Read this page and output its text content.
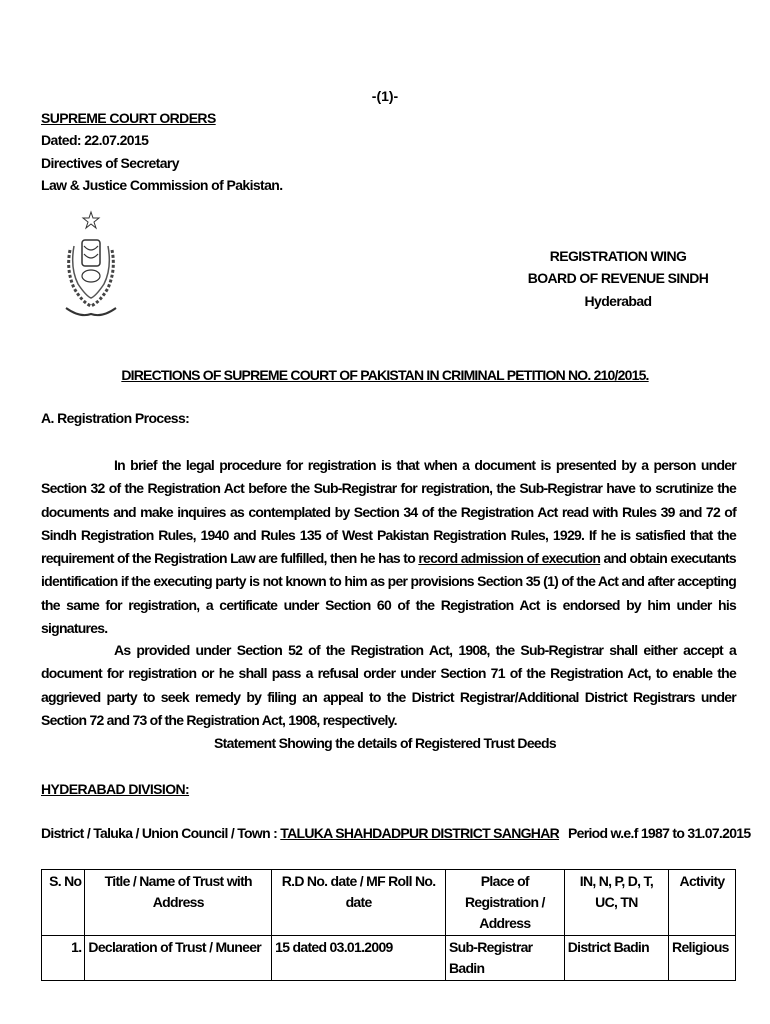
-(1)-
SUPREME COURT ORDERS
Dated: 22.07.2015
Directives of Secretary
Law & Justice Commission of Pakistan.
REGISTRATION WING
BOARD OF REVENUE SINDH
Hyderabad
DIRECTIONS OF SUPREME COURT OF PAKISTAN IN CRIMINAL PETITION NO. 210/2015.
A. Registration Process:
In brief the legal procedure for registration is that when a document is presented by a person under Section 32 of the Registration Act before the Sub-Registrar for registration, the Sub-Registrar have to scrutinize the documents and make inquires as contemplated by Section 34 of the Registration Act read with Rules 39 and 72 of Sindh Registration Rules, 1940 and Rules 135 of West Pakistan Registration Rules, 1929. If he is satisfied that the requirement of the Registration Law are fulfilled, then he has to record admission of execution and obtain executants identification if the executing party is not known to him as per provisions Section 35 (1) of the Act and after accepting the same for registration, a certificate under Section 60 of the Registration Act is endorsed by him under his signatures.
As provided under Section 52 of the Registration Act, 1908, the Sub-Registrar shall either accept a document for registration or he shall pass a refusal order under Section 71 of the Registration Act, to enable the aggrieved party to seek remedy by filing an appeal to the District Registrar/Additional District Registrars under Section 72 and 73 of the Registration Act, 1908, respectively.
Statement Showing the details of Registered Trust Deeds
HYDERABAD DIVISION:
District / Taluka / Union Council / Town : TALUKA SHAHDADPUR DISTRICT SANGHAR Period w.e.f 1987 to 31.07.2015
S. No	Title / Name of Trust with Address	R.D No. date / MF Roll No. date	Place of Registration / Address	IN, N, P, D, T, UC, TN	Activity
1.	Declaration of Trust / Muneer	15 dated 03.01.2009	Sub-Registrar Badin	District Badin	Religious
